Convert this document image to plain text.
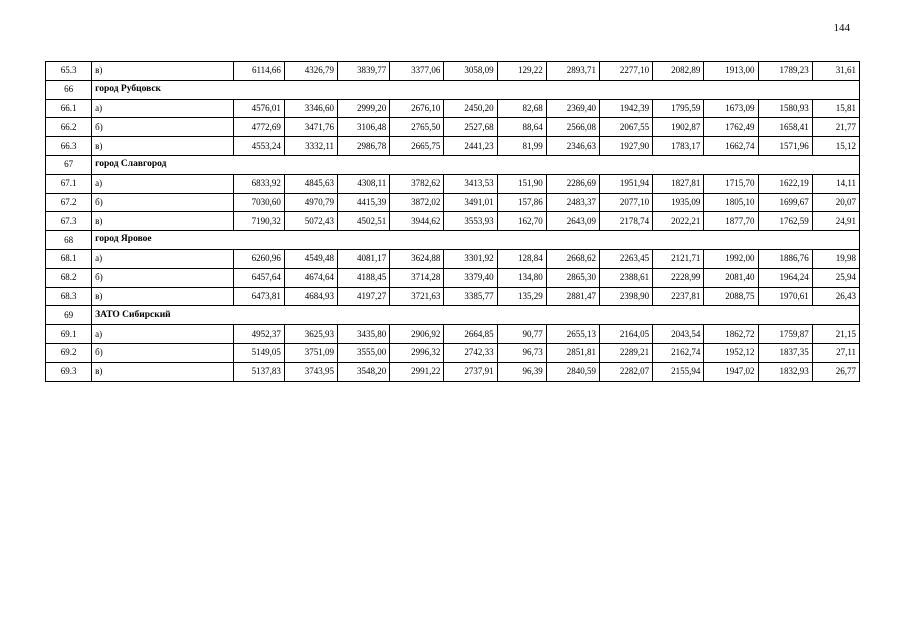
144
65.3	в)	6114,66	4326,79	3839,77	3377,06	3058,09	129,22	2893,71	2277,10	2082,89	1913,00	1789,23	31,61
66	город Рубцовск												
66.1	а)	4576,01	3346,60	2999,20	2676,10	2450,20	82,68	2369,40	1942,39	1795,59	1673,09	1580,93	15,81
66.2	б)	4772,69	3471,76	3106,48	2765,50	2527,68	88,64	2566,08	2067,55	1902,87	1762,49	1658,41	21,77
66.3	в)	4553,24	3332,11	2986,78	2665,75	2441,23	81,99	2346,63	1927,90	1783,17	1662,74	1571,96	15,12
67	город Славгород												
67.1	а)	6833,92	4845,63	4308,11	3782,62	3413,53	151,90	2286,69	1951,94	1827,81	1715,70	1622,19	14,11
67.2	б)	7030,60	4970,79	4415,39	3872,02	3491,01	157,86	2483,37	2077,10	1935,09	1805,10	1699,67	20,07
67.3	в)	7190,32	5072,43	4502,51	3944,62	3553,93	162,70	2643,09	2178,74	2022,21	1877,70	1762,59	24,91
68	город Яровое												
68.1	а)	6260,96	4549,48	4081,17	3624,88	3301,92	128,84	2668,62	2263,45	2121,71	1992,00	1886,76	19,98
68.2	б)	6457,64	4674,64	4188,45	3714,28	3379,40	134,80	2865,30	2388,61	2228,99	2081,40	1964,24	25,94
68.3	в)	6473,81	4684,93	4197,27	3721,63	3385,77	135,29	2881,47	2398,90	2237,81	2088,75	1970,61	26,43
69	ЗАТО Сибирский												
69.1	а)	4952,37	3625,93	3435,80	2906,92	2664,85	90,77	2655,13	2164,05	2043,54	1862,72	1759,87	21,15
69.2	б)	5149,05	3751,09	3555,00	2996,32	2742,33	96,73	2851,81	2289,21	2162,74	1952,12	1837,35	27,11
69.3	в)	5137,83	3743,95	3548,20	2991,22	2737,91	96,39	2840,59	2282,07	2155,94	1947,02	1832,93	26,77
